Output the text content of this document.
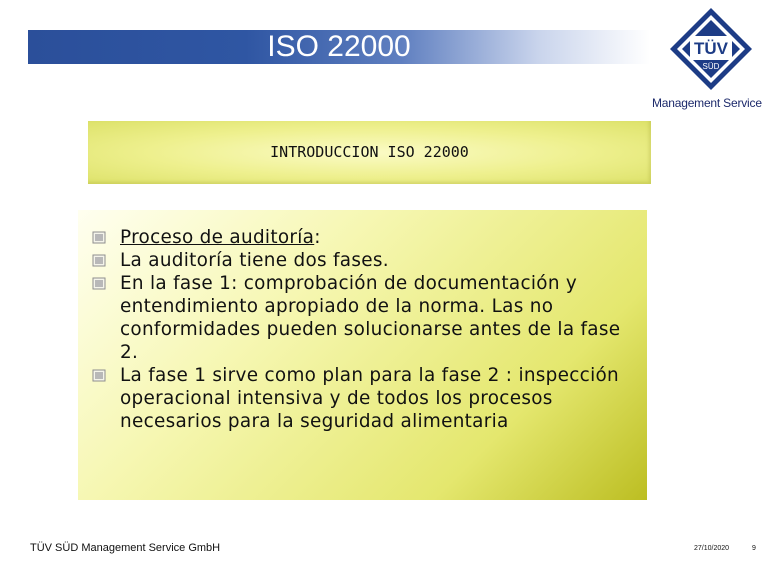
ISO 22000	TÜV
SÜD
Management Service
INTRODUCCION ISO 22000
Proceso de auditoría:
La auditoría tiene dos fases.
En la fase 1: comprobación de documentación y entendimiento apropiado de la norma. Las no conformidades pueden solucionarse antes de la fase 2.
La fase 1 sirve como plan para la fase 2 : inspección operacional intensiva y de todos los procesos necesarios para la seguridad alimentaria
TÜV SÜD Management Service GmbH	27/10/2020	9
